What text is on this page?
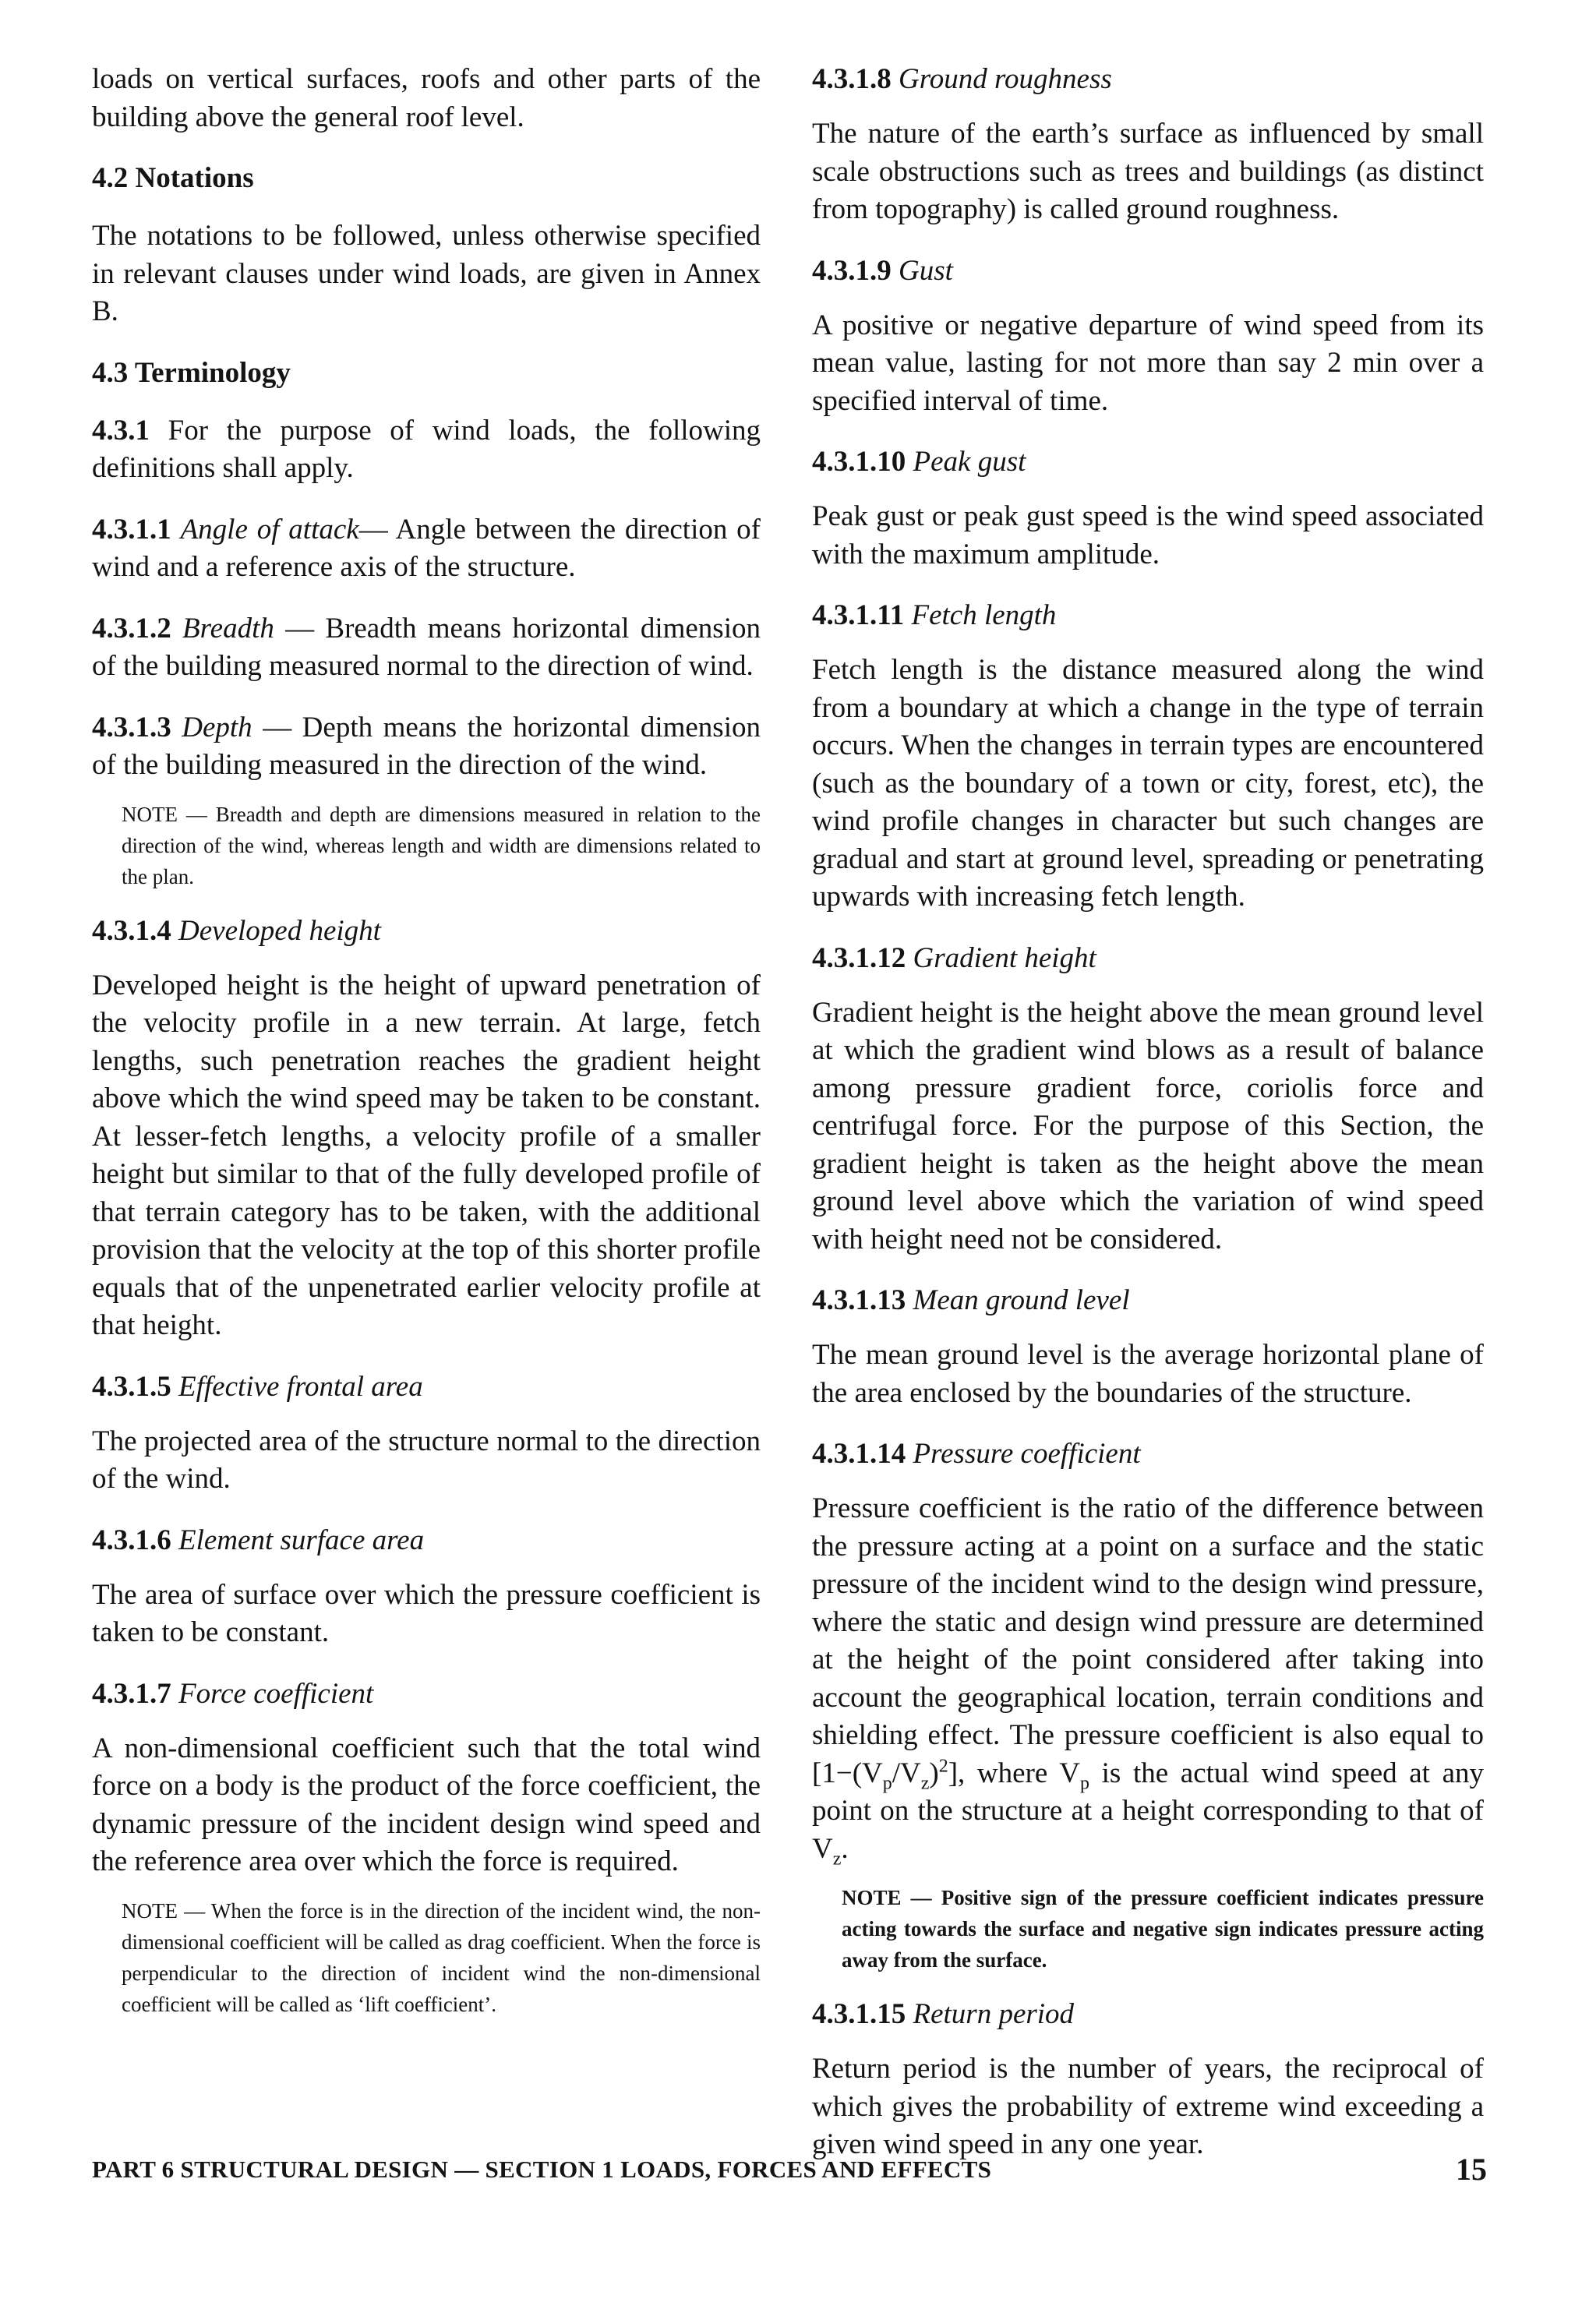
loads on vertical surfaces, roofs and other parts of the building above the general roof level.

4.2 Notations

The notations to be followed, unless otherwise specified in relevant clauses under wind loads, are given in Annex B.

4.3 Terminology

4.3.1 For the purpose of wind loads, the following definitions shall apply.

4.3.1.1 Angle of attack— Angle between the direction of wind and a reference axis of the structure.

4.3.1.2 Breadth — Breadth means horizontal dimension of the building measured normal to the direction of wind.

4.3.1.3 Depth — Depth means the horizontal dimension of the building measured in the direction of the wind.

NOTE — Breadth and depth are dimensions measured in relation to the direction of the wind, whereas length and width are dimensions related to the plan.

4.3.1.4 Developed height

Developed height is the height of upward penetration of the velocity profile in a new terrain. At large, fetch lengths, such penetration reaches the gradient height above which the wind speed may be taken to be constant. At lesser-fetch lengths, a velocity profile of a smaller height but similar to that of the fully developed profile of that terrain category has to be taken, with the additional provision that the velocity at the top of this shorter profile equals that of the unpenetrated earlier velocity profile at that height.

4.3.1.5 Effective frontal area

The projected area of the structure normal to the direction of the wind.

4.3.1.6 Element surface area

The area of surface over which the pressure coefficient is taken to be constant.

4.3.1.7 Force coefficient

A non-dimensional coefficient such that the total wind force on a body is the product of the force coefficient, the dynamic pressure of the incident design wind speed and the reference area over which the force is required.

NOTE — When the force is in the direction of the incident wind, the non-dimensional coefficient will be called as drag coefficient. When the force is perpendicular to the direction of incident wind the non-dimensional coefficient will be called as ‘lift coefficient’.

4.3.1.8 Ground roughness

The nature of the earth’s surface as influenced by small scale obstructions such as trees and buildings (as distinct from topography) is called ground roughness.

4.3.1.9 Gust

A positive or negative departure of wind speed from its mean value, lasting for not more than say 2 min over a specified interval of time.

4.3.1.10 Peak gust

Peak gust or peak gust speed is the wind speed associated with the maximum amplitude.

4.3.1.11 Fetch length

Fetch length is the distance measured along the wind from a boundary at which a change in the type of terrain occurs. When the changes in terrain types are encountered (such as the boundary of a town or city, forest, etc), the wind profile changes in character but such changes are gradual and start at ground level, spreading or penetrating upwards with increasing fetch length.

4.3.1.12 Gradient height

Gradient height is the height above the mean ground level at which the gradient wind blows as a result of balance among pressure gradient force, coriolis force and centrifugal force. For the purpose of this Section, the gradient height is taken as the height above the mean ground level above which the variation of wind speed with height need not be considered.

4.3.1.13 Mean ground level

The mean ground level is the average horizontal plane of the area enclosed by the boundaries of the structure.

4.3.1.14 Pressure coefficient

Pressure coefficient is the ratio of the difference between the pressure acting at a point on a surface and the static pressure of the incident wind to the design wind pressure, where the static and design wind pressure are determined at the height of the point considered after taking into account the geographical location, terrain conditions and shielding effect. The pressure coefficient is also equal to $[1-(V_p/V_z)^2]$, where $V_p$ is the actual wind speed at any point on the structure at a height corresponding to that of $V_z$.

NOTE — Positive sign of the pressure coefficient indicates pressure acting towards the surface and negative sign indicates pressure acting away from the surface.

4.3.1.15 Return period

Return period is the number of years, the reciprocal of which gives the probability of extreme wind exceeding a given wind speed in any one year.

PART 6 STRUCTURAL DESIGN — SECTION 1 LOADS, FORCES AND EFFECTS	15
